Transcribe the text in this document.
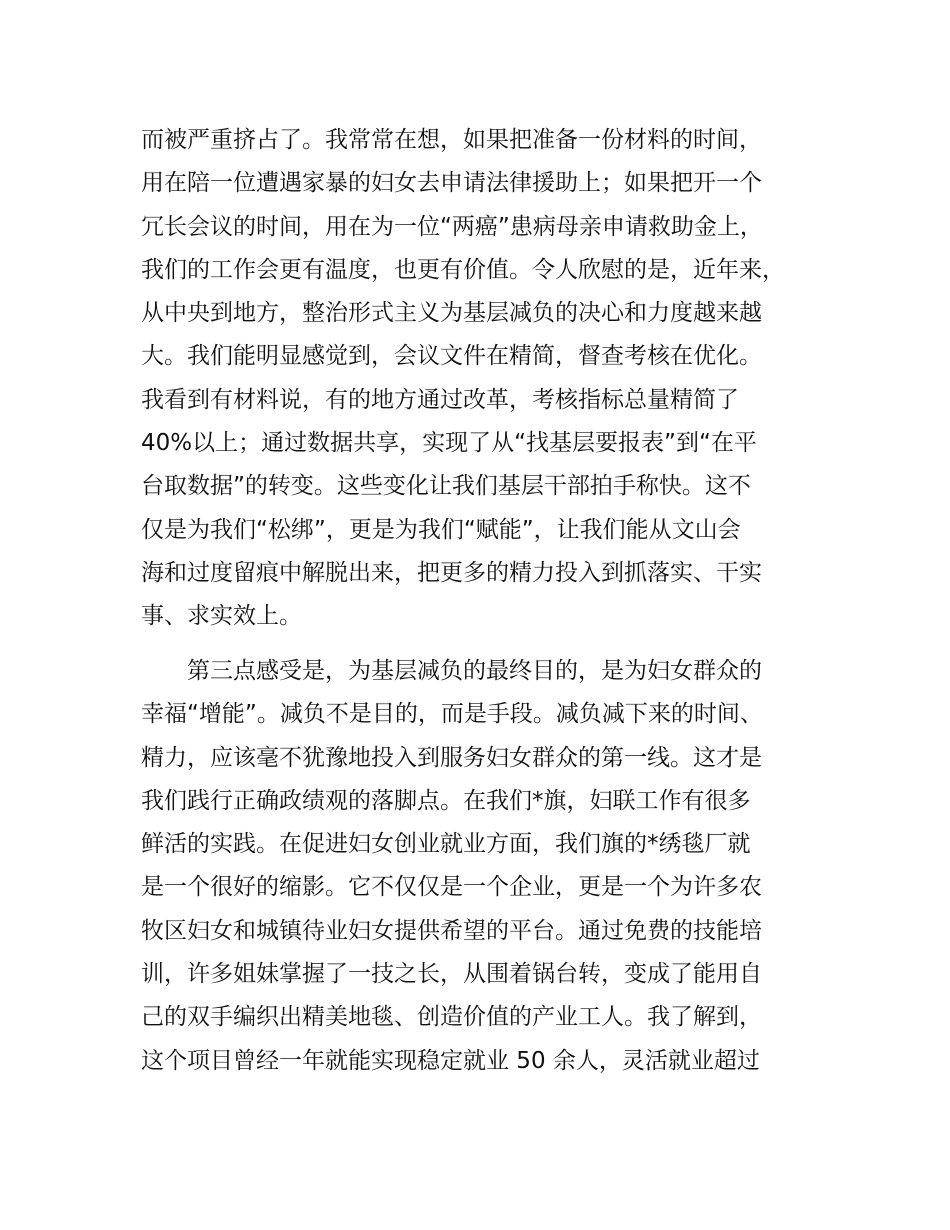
而被严重挤占了。我常常在想，如果把准备一份材料的时间，
用在陪一位遭遇家暴的妇女去申请法律援助上；如果把开一个
冗长会议的时间，用在为一位“两癌”患病母亲申请救助金上，
我们的工作会更有温度，也更有价值。令人欣慰的是，近年来，
从中央到地方，整治形式主义为基层减负的决心和力度越来越
大。我们能明显感觉到，会议文件在精简，督查考核在优化。
我看到有材料说，有的地方通过改革，考核指标总量精简了
40%以上；通过数据共享，实现了从“找基层要报表”到“在平
台取数据”的转变。这些变化让我们基层干部拍手称快。这不
仅是为我们“松绑”，更是为我们“赋能”，让我们能从文山会
海和过度留痕中解脱出来，把更多的精力投入到抓落实、干实
事、求实效上。
第三点感受是，为基层减负的最终目的，是为妇女群众的
幸福“增能”。减负不是目的，而是手段。减负减下来的时间、
精力，应该毫不犹豫地投入到服务妇女群众的第一线。这才是
我们践行正确政绩观的落脚点。在我们*旗，妇联工作有很多
鲜活的实践。在促进妇女创业就业方面，我们旗的*绣毯厂就
是一个很好的缩影。它不仅仅是一个企业，更是一个为许多农
牧区妇女和城镇待业妇女提供希望的平台。通过免费的技能培
训，许多姐妹掌握了一技之长，从围着锅台转，变成了能用自
己的双手编织出精美地毯、创造价值的产业工人。我了解到，
这个项目曾经一年就能实现稳定就业 50 余人，灵活就业超过
